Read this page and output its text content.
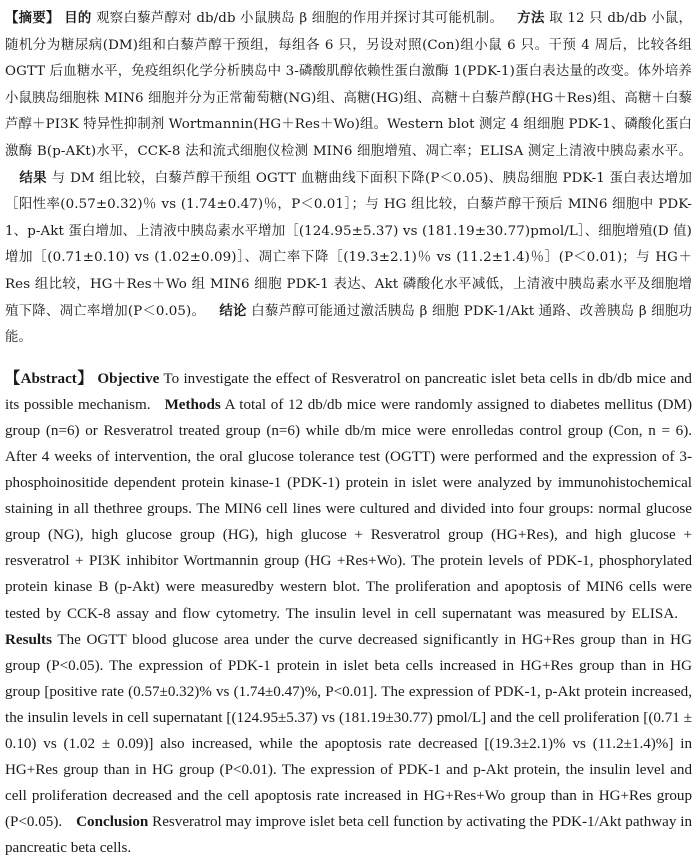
【摘要】 目的 观察白藜芦醇对 db/db 小鼠胰岛 β 细胞的作用并探讨其可能机制。 方法 取 12 只 db/db 小鼠，随机分为糖尿病(DM)组和白藜芦醇干预组，每组各 6 只，另设对照(Con)组小鼠 6 只。干预 4 周后，比较各组 OGTT 后血糖水平，免疫组织化学分析胰岛中 3-磷酸肌醇依赖性蛋白激酶 1(PDK-1)蛋白表达量的改变。体外培养小鼠胰岛细胞株 MIN6 细胞并分为正常葡萄糖(NG)组、高糖(HG)组、高糖＋白藜芦醇(HG＋Res)组、高糖＋白藜芦醇＋PI3K 特异性抑制剂 Wortmannin(HG＋Res＋Wo)组。Western blot 测定 4 组细胞 PDK-1、磷酸化蛋白激酶 B(p-AKt)水平，CCK-8 法和流式细胞仪检测 MIN6 细胞增殖、凋亡率；ELISA 测定上清液中胰岛素水平。结果 与 DM 组比较，白藜芦醇干预组 OGTT 血糖曲线下面积下降(P＜0.05)、胰岛细胞 PDK-1 蛋白表达增加［阳性率(0.57±0.32)％ vs (1.74±0.47)％，P＜0.01］；与 HG 组比较，白藜芦醇干预后 MIN6 细胞中 PDK-1、p-Akt 蛋白增加、上清液中胰岛素水平增加［(124.95±5.37) vs (181.19±30.77)pmol/L］、细胞增殖(D 值)增加［(0.71±0.10) vs (1.02±0.09)］、凋亡率下降［(19.3±2.1)％ vs (11.2±1.4)％］(P＜0.01)；与 HG＋Res 组比较，HG＋Res＋Wo 组 MIN6 细胞 PDK-1 表达、Akt 磷酸化水平减低，上清液中胰岛素水平及细胞增殖下降、凋亡率增加(P＜0.05)。 结论 白藜芦醇可能通过激活胰岛 β 细胞 PDK-1/Akt 通路、改善胰岛 β 细胞功能。

【Abstract】 Objective To investigate the effect of Resveratrol on pancreatic islet beta cells in db/db mice and its possible mechanism. Methods A total of 12 db/db mice were randomly assigned to diabetes mellitus (DM) group (n=6) or Resveratrol treated group (n=6) while db/m mice were enrolledas control group (Con, n = 6). After 4 weeks of intervention, the oral glucose tolerance test (OGTT) were performed and the expression of 3-phosphoinositide dependent protein kinase-1 (PDK-1) protein in islet were analyzed by immunohistochemical staining in all thethree groups. The MIN6 cell lines were cultured and divided into four groups: normal glucose group (NG), high glucose group (HG), high glucose + Resveratrol group (HG+Res), and high glucose + resveratrol + PI3K inhibitor Wortmannin group (HG +Res+Wo). The protein levels of PDK-1, phosphorylated protein kinase B (p-Akt) were measuredby western blot. The proliferation and apoptosis of MIN6 cells were tested by CCK-8 assay and flow cytometry. The insulin level in cell supernatant was measured by ELISA.Results The OGTT blood glucose area under the curve decreased significantly in HG+Res group than in HG group (P<0.05). The expression of PDK-1 protein in islet beta cells increased in HG+Res group than in HG group [positive rate (0.57±0.32)% vs (1.74±0.47)%, P<0.01]. The expression of PDK-1, p-Akt protein increased, the insulin levels in cell supernatant [(124.95±5.37) vs (181.19±30.77) pmol/L] and the cell proliferation [(0.71 ± 0.10) vs (1.02 ± 0.09)] also increased, while the apoptosis rate decreased [(19.3±2.1)% vs (11.2±1.4)%] in HG+Res group than in HG group (P<0.01). The expression of PDK-1 and p-Akt protein, the insulin level and cell proliferation decreased and the cell apoptosis rate increased in HG+Res+Wo group than in HG+Res group (P<0.05). Conclusion Resveratrol may improve islet beta cell function by activating the PDK-1/Akt pathway in pancreatic beta cells.
